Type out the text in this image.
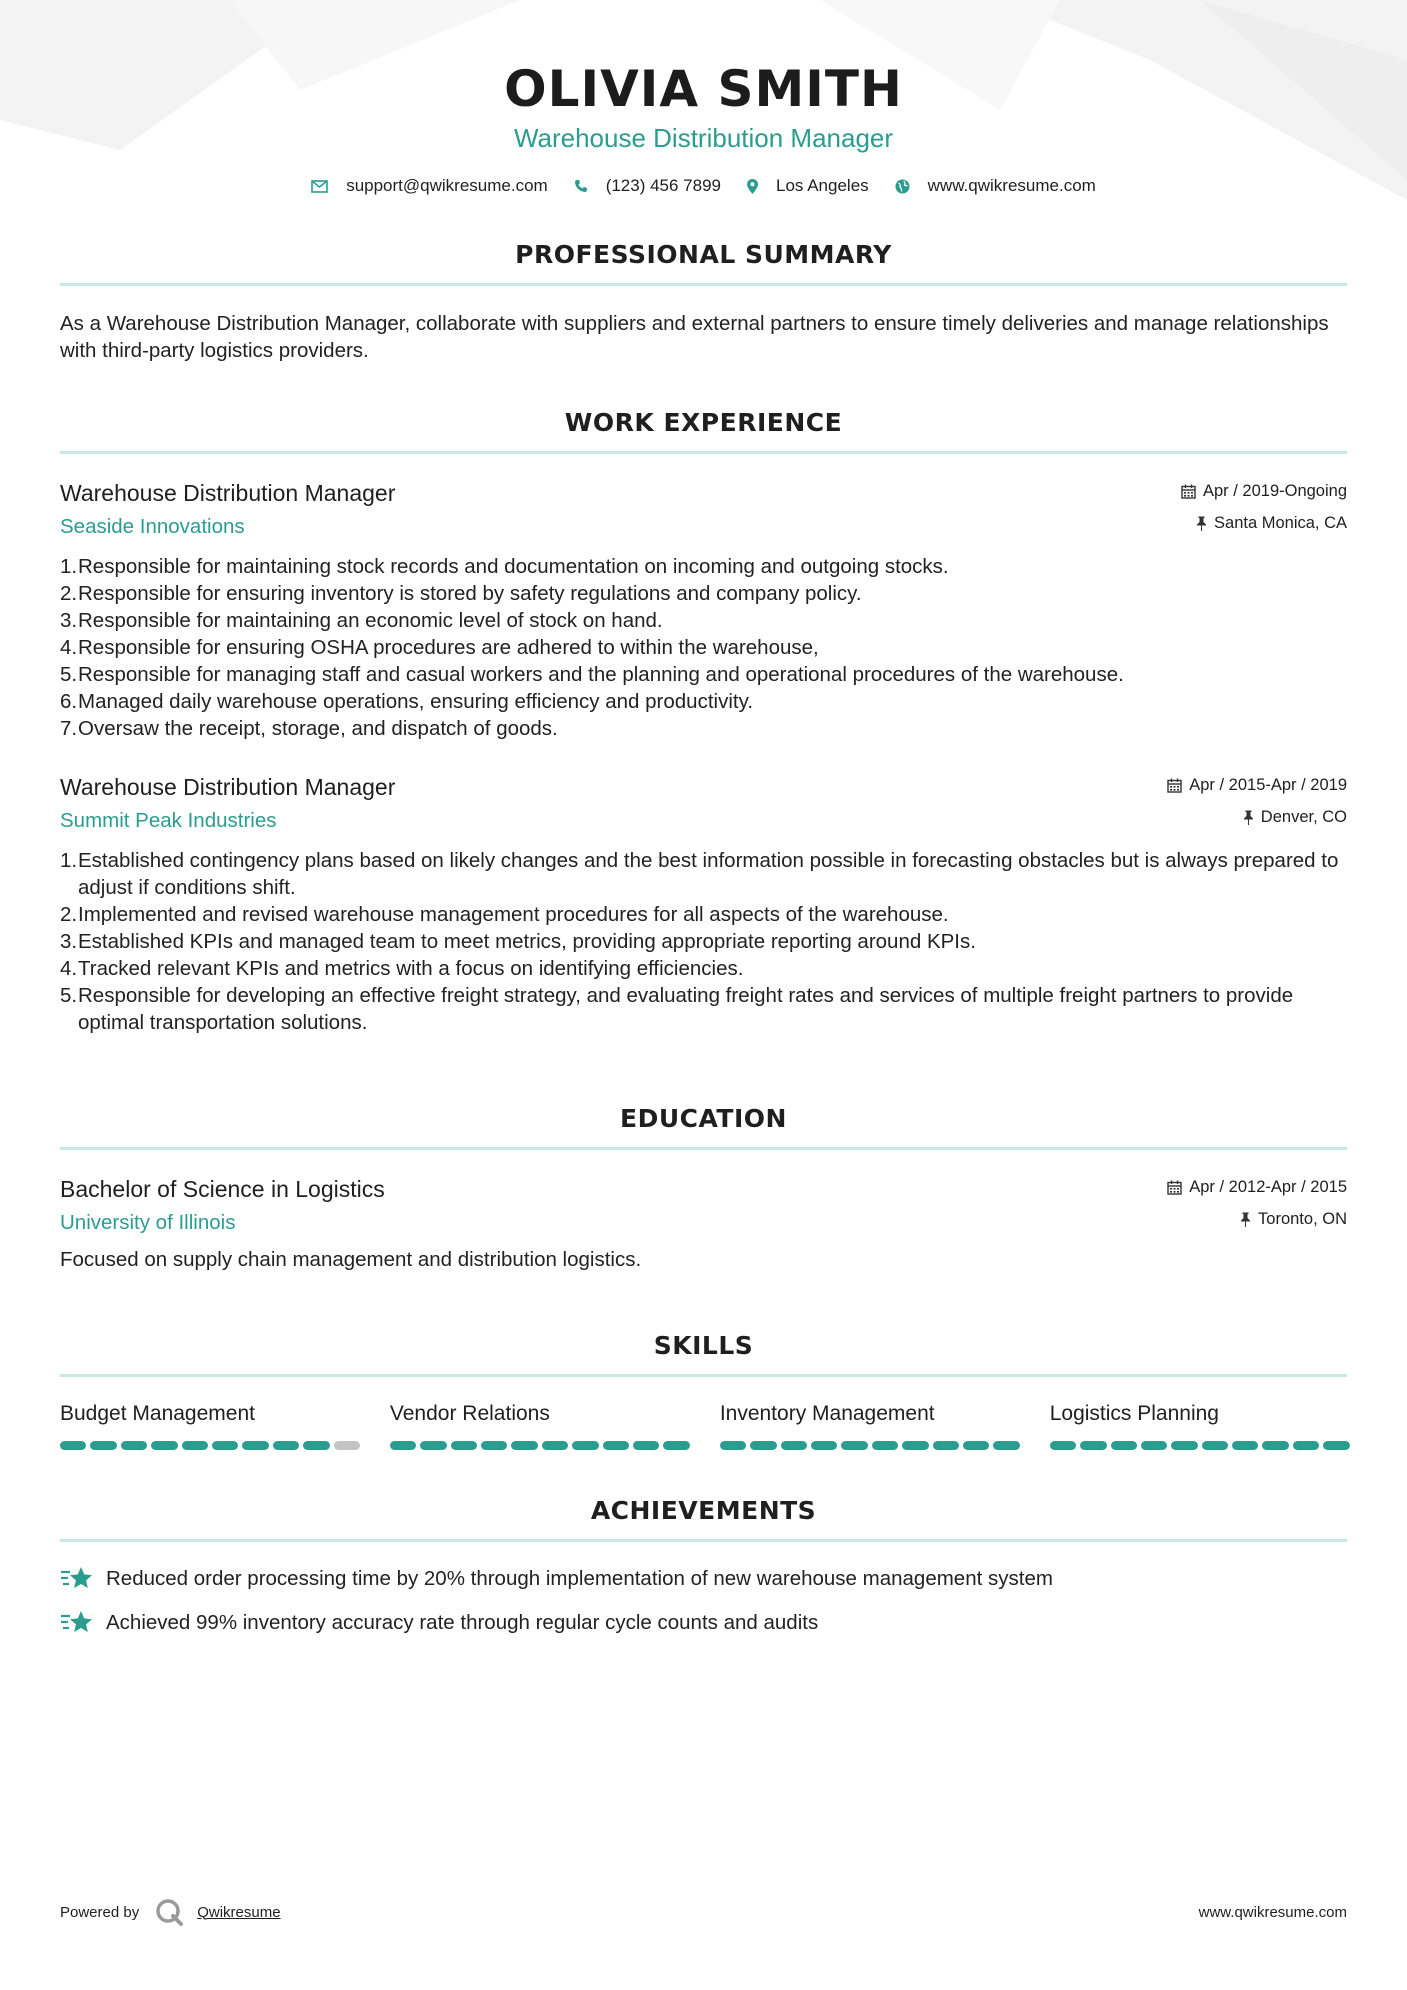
OLIVIA SMITH
Warehouse Distribution Manager
support@qwikresume.com	(123) 456 7899	Los Angeles	www.qwikresume.com
PROFESSIONAL SUMMARY

As a Warehouse Distribution Manager, collaborate with suppliers and external partners to ensure timely deliveries and manage relationships with third-party logistics providers.

WORK EXPERIENCE
Warehouse Distribution Manager
Seaside Innovations
Apr / 2019-Ongoing
Santa Monica, CA
1. Responsible for maintaining stock records and documentation on incoming and outgoing stocks.
2. Responsible for ensuring inventory is stored by safety regulations and company policy.
3. Responsible for maintaining an economic level of stock on hand.
4. Responsible for ensuring OSHA procedures are adhered to within the warehouse,
5. Responsible for managing staff and casual workers and the planning and operational procedures of the warehouse.
6. Managed daily warehouse operations, ensuring efficiency and productivity.
7. Oversaw the receipt, storage, and dispatch of goods.
Warehouse Distribution Manager
Summit Peak Industries
Apr / 2015-Apr / 2019
Denver, CO
1. Established contingency plans based on likely changes and the best information possible in forecasting obstacles but is always prepared to adjust if conditions shift.
2. Implemented and revised warehouse management procedures for all aspects of the warehouse.
3. Established KPIs and managed team to meet metrics, providing appropriate reporting around KPIs.
4. Tracked relevant KPIs and metrics with a focus on identifying efficiencies.
5. Responsible for developing an effective freight strategy, and evaluating freight rates and services of multiple freight partners to provide optimal transportation solutions.
EDUCATION
Bachelor of Science in Logistics
University of Illinois
Apr / 2012-Apr / 2015
Toronto, ON

Focused on supply chain management and distribution logistics.

SKILLS
Budget Management	Vendor Relations	Inventory Management	Logistics Planning
ACHIEVEMENTS
Reduced order processing time by 20% through implementation of new warehouse management system
Achieved 99% inventory accuracy rate through regular cycle counts and audits
Powered by	Qwikresume	www.qwikresume.com
